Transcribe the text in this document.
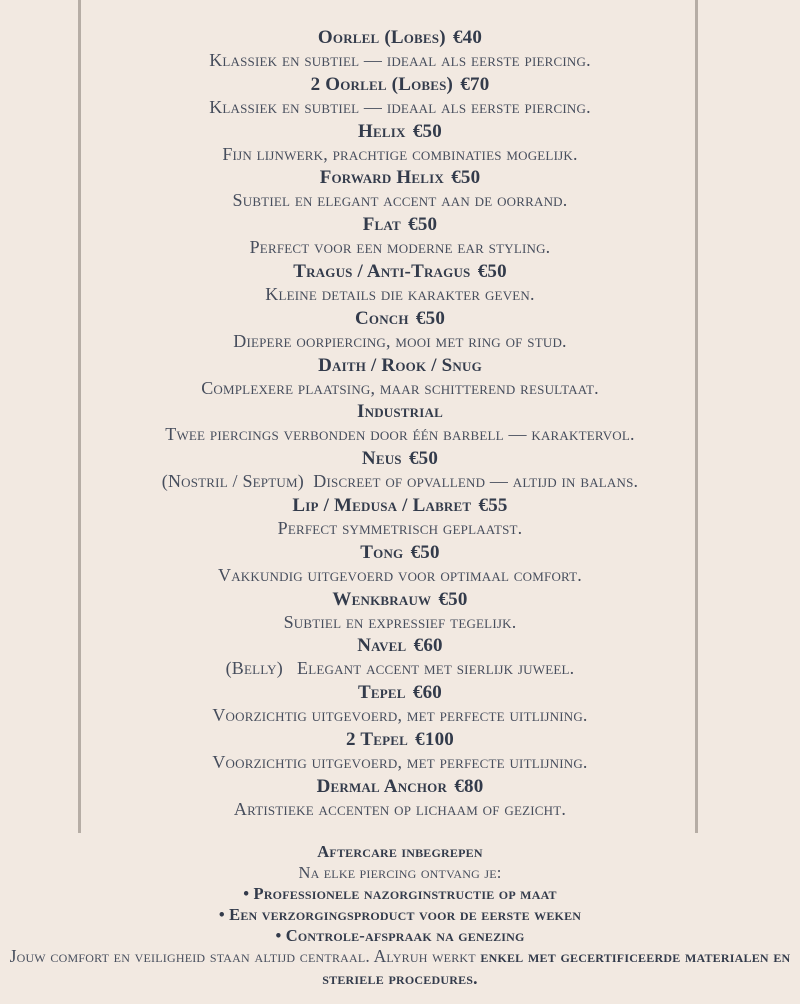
Oorlel (Lobes) €40
Klassiek en subtiel — ideaal als eerste piercing.
2 Oorlel (Lobes) €70
Klassiek en subtiel — ideaal als eerste piercing.
Helix €50
Fijn lijnwerk, prachtige combinaties mogelijk.
Forward Helix €50
Subtiel en elegant accent aan de oorrand.
Flat €50
Perfect voor een moderne ear styling.
Tragus / Anti-Tragus €50
Kleine details die karakter geven.
Conch €50
Diepere oorpiercing, mooi met ring of stud.
Daith / Rook / Snug
Complexere plaatsing, maar schitterend resultaat.
Industrial
Twee piercings verbonden door één barbell — karaktervol.
Neus €50
(Nostril / Septum)  Discreet of opvallend — altijd in balans.
Lip / Medusa / Labret €55
Perfect symmetrisch geplaatst.
Tong €50
Vakkundig uitgevoerd voor optimaal comfort.
Wenkbrauw €50
Subtiel en expressief tegelijk.
Navel €60
(Belly)   Elegant accent met sierlijk juweel.
Tepel €60
Voorzichtig uitgevoerd, met perfecte uitlijning.
2 Tepel €100
Voorzichtig uitgevoerd, met perfecte uitlijning.
Dermal Anchor €80
Artistieke accenten op lichaam of gezicht.
Aftercare inbegrepen
Na elke piercing ontvang je:
• Professionele nazorginstructie op maat
• Een verzorgingsproduct voor de eerste weken
• Controle-afspraak na genezing
Jouw comfort en veiligheid staan altijd centraal. Alyruh werkt enkel met gecertificeerde materialen en steriele procedures.
